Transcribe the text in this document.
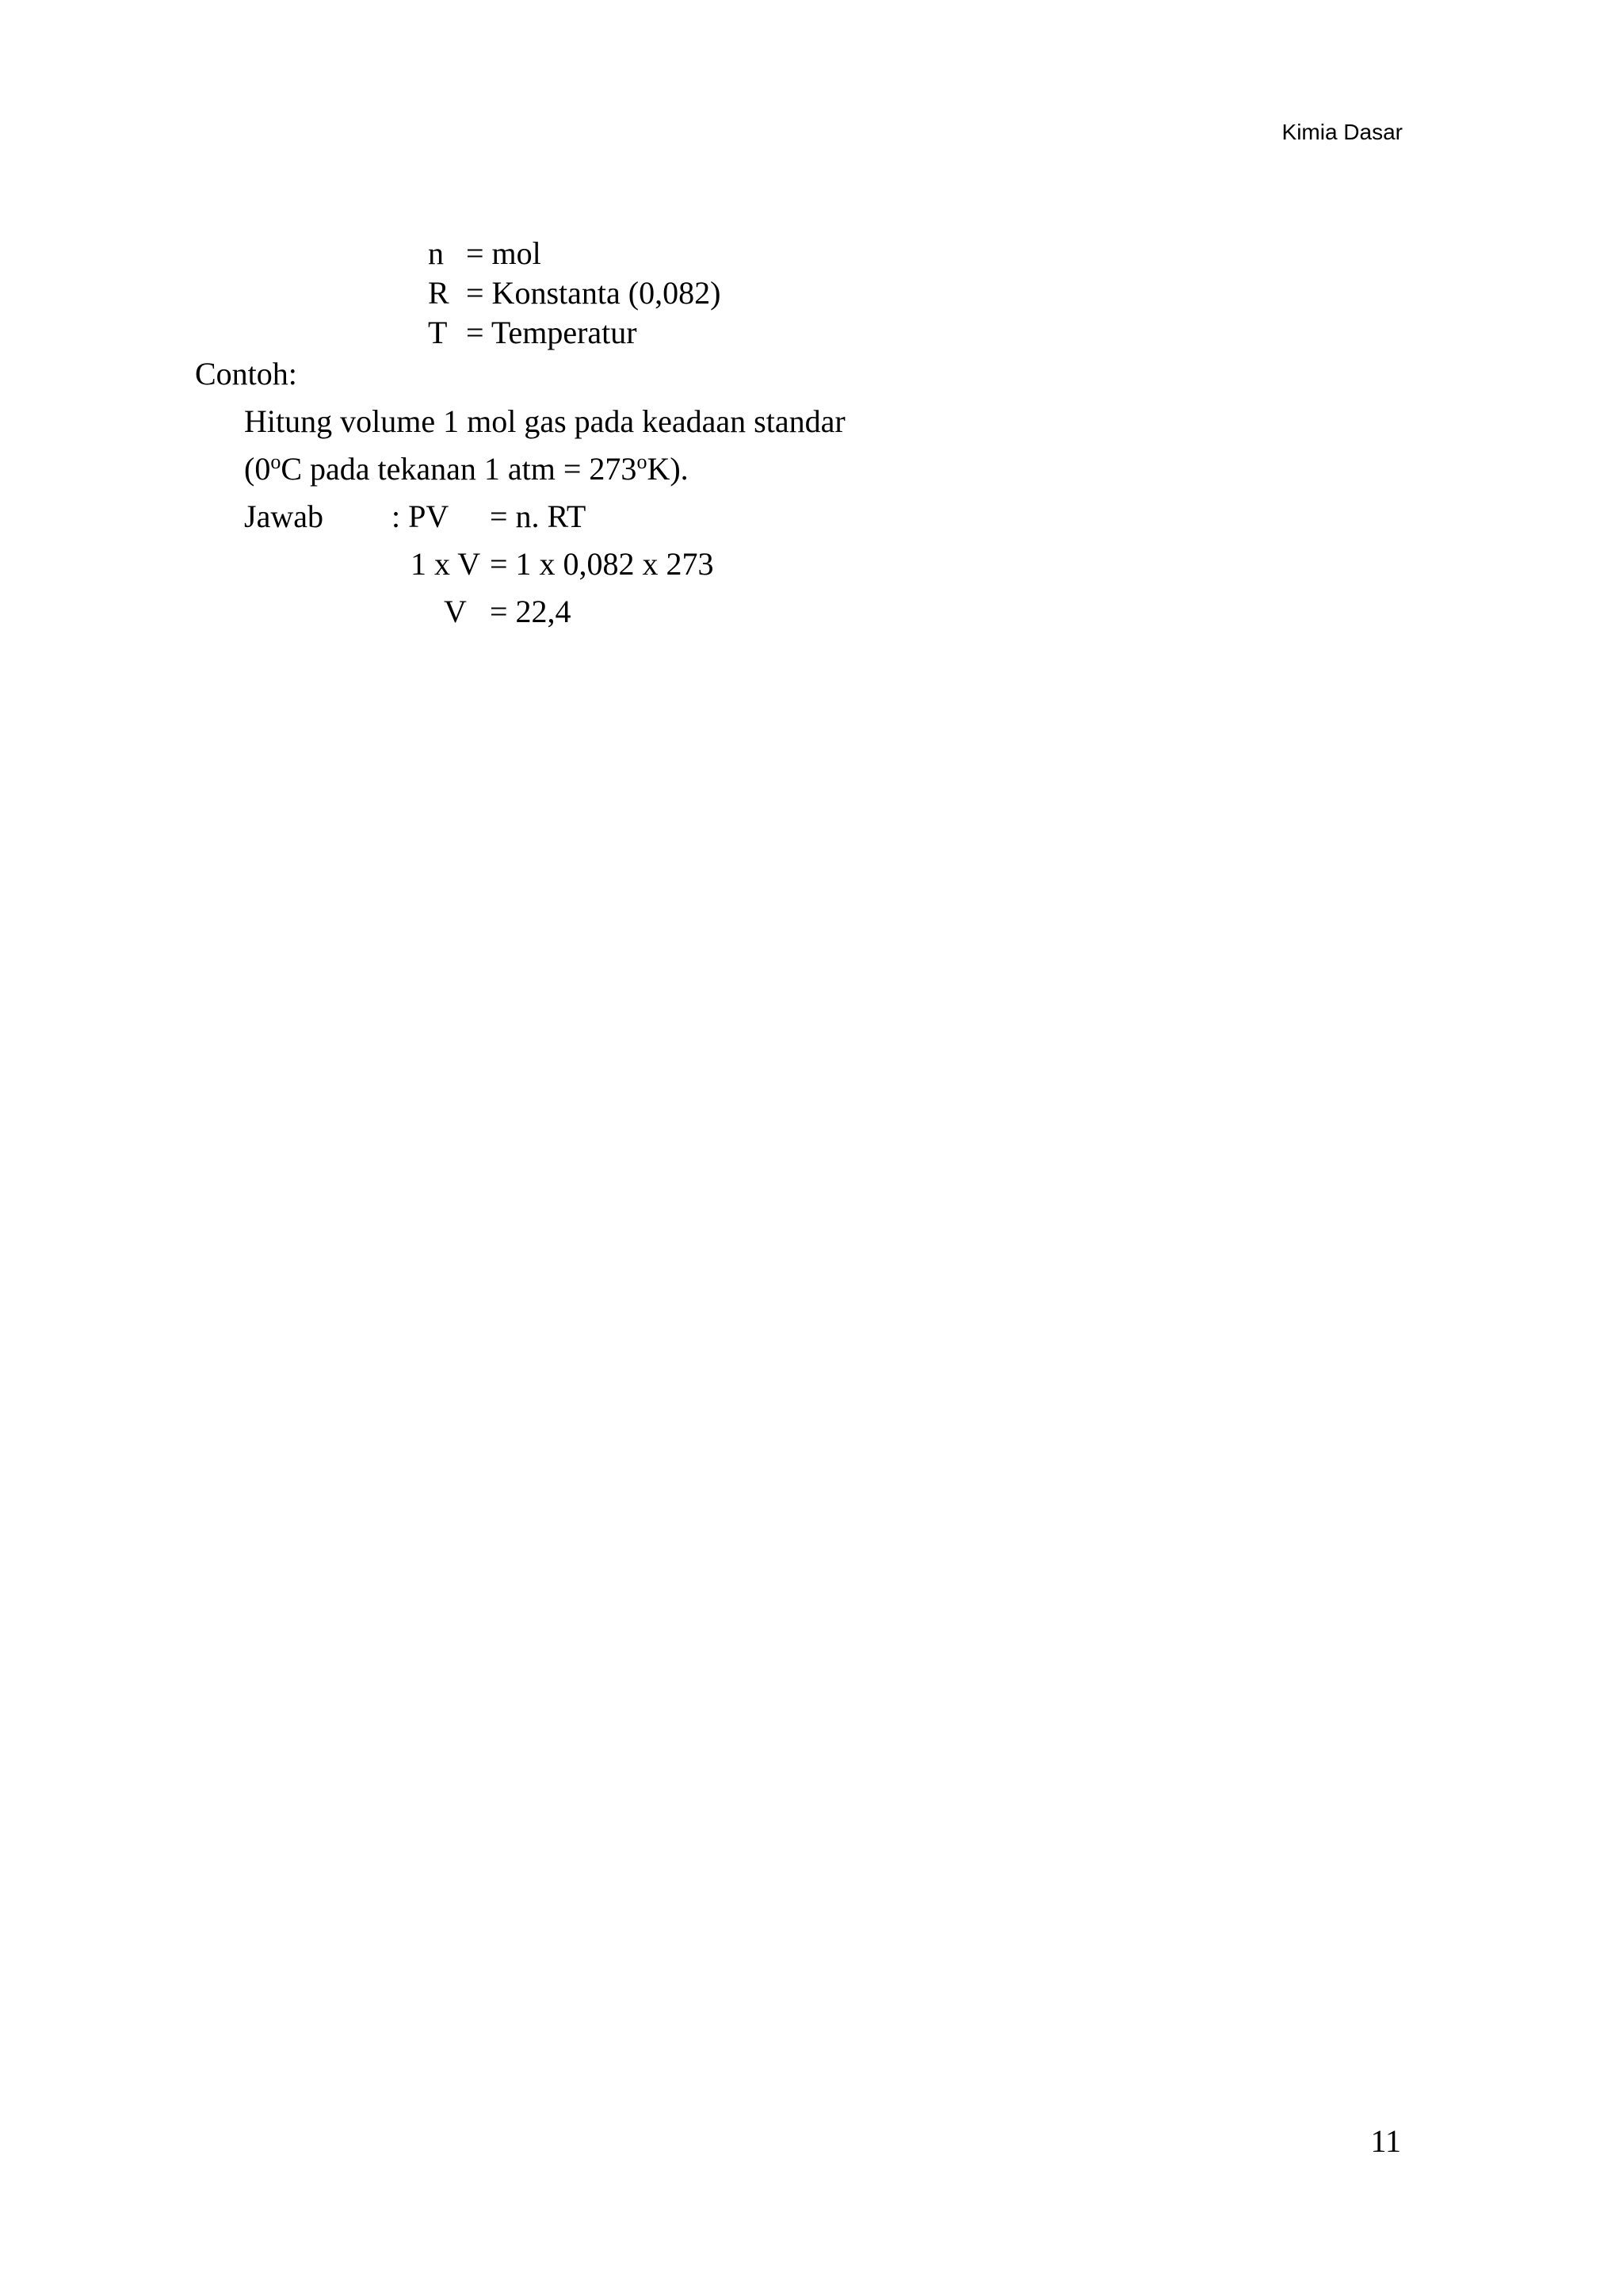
Kimia Dasar
n = mol
R = Konstanta (0,082)
T = Temperatur
Contoh:
Hitung volume 1 mol gas pada keadaan standar
(0$^o$C pada tekanan 1 atm = $273^oK$).
Jawab : PV = n. RT
1 x V = 1 x 0,082 x 273
V = 22,4
11
